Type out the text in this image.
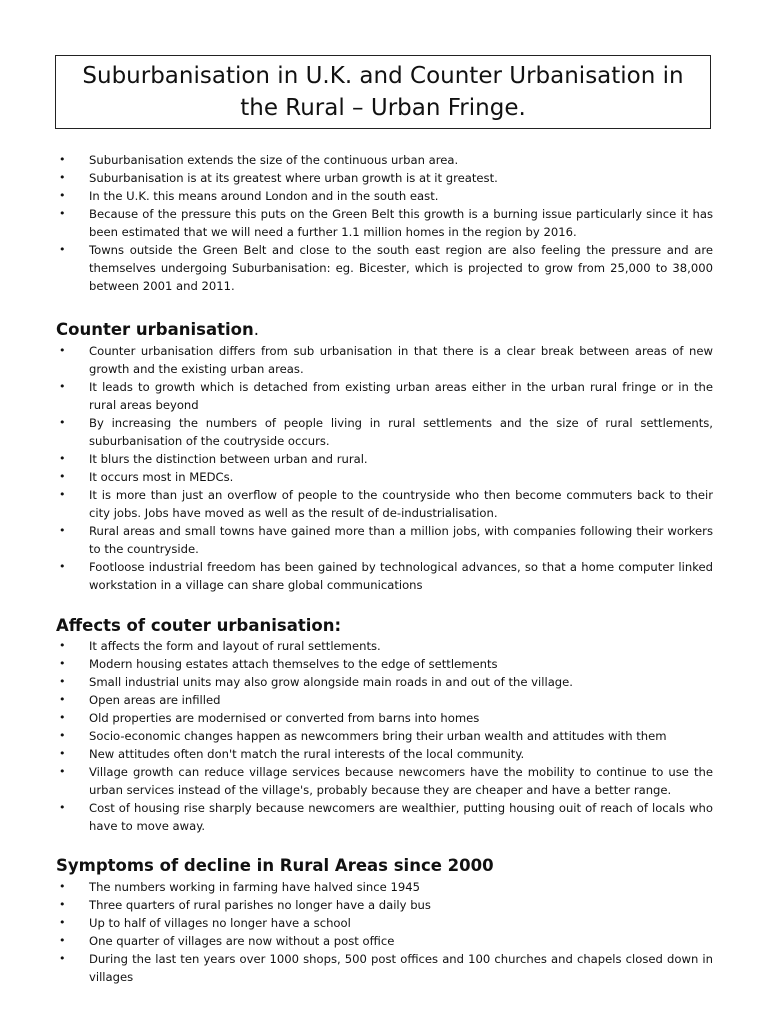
Suburbanisation in U.K. and Counter Urbanisation in
the Rural – Urban Fringe.
•	Suburbanisation extends the size of the continuous urban area.
•	Suburbanisation is at its greatest where urban growth is at it greatest.
•	In the U.K. this means around London and in the south east.
•	Because of the pressure this puts on the Green Belt this growth is a burning issue particularly since it has been estimated that we will need a further 1.1 million homes in the region by 2016.
•	Towns outside the Green Belt and close to the south east region are also feeling the pressure and are themselves undergoing Suburbanisation: eg. Bicester, which is projected to grow from 25,000 to 38,000 between 2001 and 2011.
Counter urbanisation.
•	Counter urbanisation differs from sub urbanisation in that there is a clear break between areas of new growth and the existing urban areas.
•	It leads to growth which is detached from existing urban areas either in the urban rural fringe or in the rural areas beyond
•	By increasing the numbers of people living in rural settlements and the size of rural settlements, suburbanisation of the coutryside occurs.
•	It blurs the distinction between urban and rural.
•	It occurs most in MEDCs.
•	It is more than just an overflow of people to the countryside who then become commuters back to their city jobs. Jobs have moved as well as the result of de-industrialisation.
•	Rural areas and small towns have gained more than a million jobs, with companies following their workers to the countryside.
•	Footloose industrial freedom has been gained by technological advances, so that a home computer linked workstation in a village can share global communications
Affects of couter urbanisation:
•	It affects the form and layout of rural settlements.
•	Modern housing estates attach themselves to the edge of settlements
•	Small industrial units may also grow alongside main roads in and out of the village.
•	Open areas are infilled
•	Old properties are modernised or converted from barns into homes
•	Socio-economic changes happen as newcommers bring their urban wealth and attitudes with them
•	New attitudes often don't match the rural interests of the local community.
•	Village growth can reduce village services because newcomers have the mobility to continue to use the urban services instead of the village's, probably because they are cheaper and have a better range.
•	Cost of housing rise sharply because newcomers are wealthier, putting housing ouit of reach of locals who have to move away.
Symptoms of decline in Rural Areas since 2000
•	The numbers working in farming have halved since 1945
•	Three quarters of rural parishes no longer have a daily bus
•	Up to half of villages no longer have a school
•	One quarter of villages are now without a post office
•	During the last ten years over 1000 shops, 500 post offices and 100 churches and chapels closed down in villages
